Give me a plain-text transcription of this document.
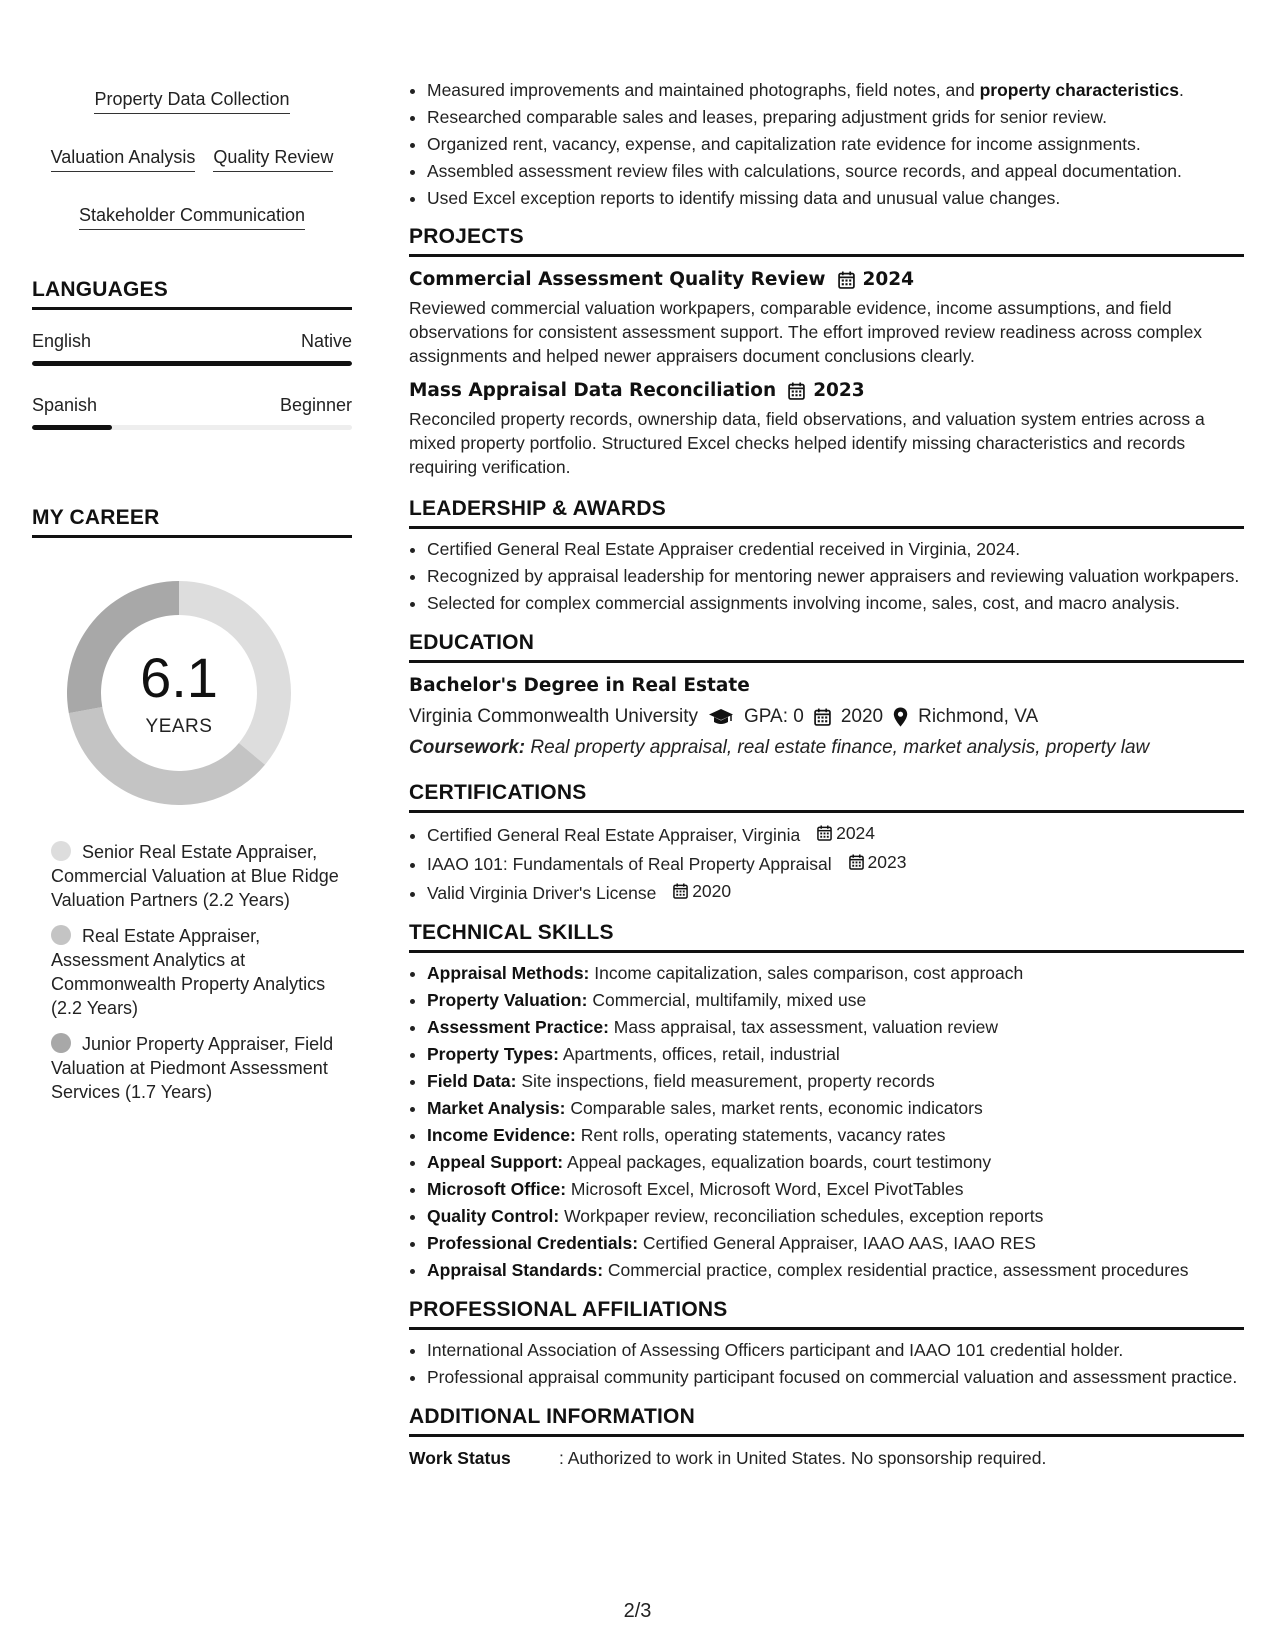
Property Data Collection
Valuation Analysis Quality Review
Stakeholder Communication
LANGUAGES
English	Native
Spanish	Beginner
MY CAREER
6.1
YEARS
Senior Real Estate Appraiser, Commercial Valuation at Blue Ridge Valuation Partners (2.2 Years)
Real Estate Appraiser, Assessment Analytics at Commonwealth Property Analytics (2.2 Years)
Junior Property Appraiser, Field Valuation at Piedmont Assessment Services (1.7 Years)
• Measured improvements and maintained photographs, field notes, and property characteristics.
• Researched comparable sales and leases, preparing adjustment grids for senior review.
• Organized rent, vacancy, expense, and capitalization rate evidence for income assignments.
• Assembled assessment review files with calculations, source records, and appeal documentation.
• Used Excel exception reports to identify missing data and unusual value changes.
PROJECTS
Commercial Assessment Quality Review 2024
Reviewed commercial valuation workpapers, comparable evidence, income assumptions, and field observations for consistent assessment support. The effort improved review readiness across complex assignments and helped newer appraisers document conclusions clearly.
Mass Appraisal Data Reconciliation 2023
Reconciled property records, ownership data, field observations, and valuation system entries across a mixed property portfolio. Structured Excel checks helped identify missing characteristics and records requiring verification.
LEADERSHIP & AWARDS
• Certified General Real Estate Appraiser credential received in Virginia, 2024.
• Recognized by appraisal leadership for mentoring newer appraisers and reviewing valuation workpapers.
• Selected for complex commercial assignments involving income, sales, cost, and macro analysis.
EDUCATION
Bachelor's Degree in Real Estate
Virginia Commonwealth University GPA: 0 2020 Richmond, VA
Coursework: Real property appraisal, real estate finance, market analysis, property law
CERTIFICATIONS
• Certified General Real Estate Appraiser, Virginia 2024
• IAAO 101: Fundamentals of Real Property Appraisal 2023
• Valid Virginia Driver's License 2020
TECHNICAL SKILLS
• Appraisal Methods: Income capitalization, sales comparison, cost approach
• Property Valuation: Commercial, multifamily, mixed use
• Assessment Practice: Mass appraisal, tax assessment, valuation review
• Property Types: Apartments, offices, retail, industrial
• Field Data: Site inspections, field measurement, property records
• Market Analysis: Comparable sales, market rents, economic indicators
• Income Evidence: Rent rolls, operating statements, vacancy rates
• Appeal Support: Appeal packages, equalization boards, court testimony
• Microsoft Office: Microsoft Excel, Microsoft Word, Excel PivotTables
• Quality Control: Workpaper review, reconciliation schedules, exception reports
• Professional Credentials: Certified General Appraiser, IAAO AAS, IAAO RES
• Appraisal Standards: Commercial practice, complex residential practice, assessment procedures
PROFESSIONAL AFFILIATIONS
• International Association of Assessing Officers participant and IAAO 101 credential holder.
• Professional appraisal community participant focused on commercial valuation and assessment practice.
ADDITIONAL INFORMATION
Work Status	: Authorized to work in United States. No sponsorship required.
2/3
